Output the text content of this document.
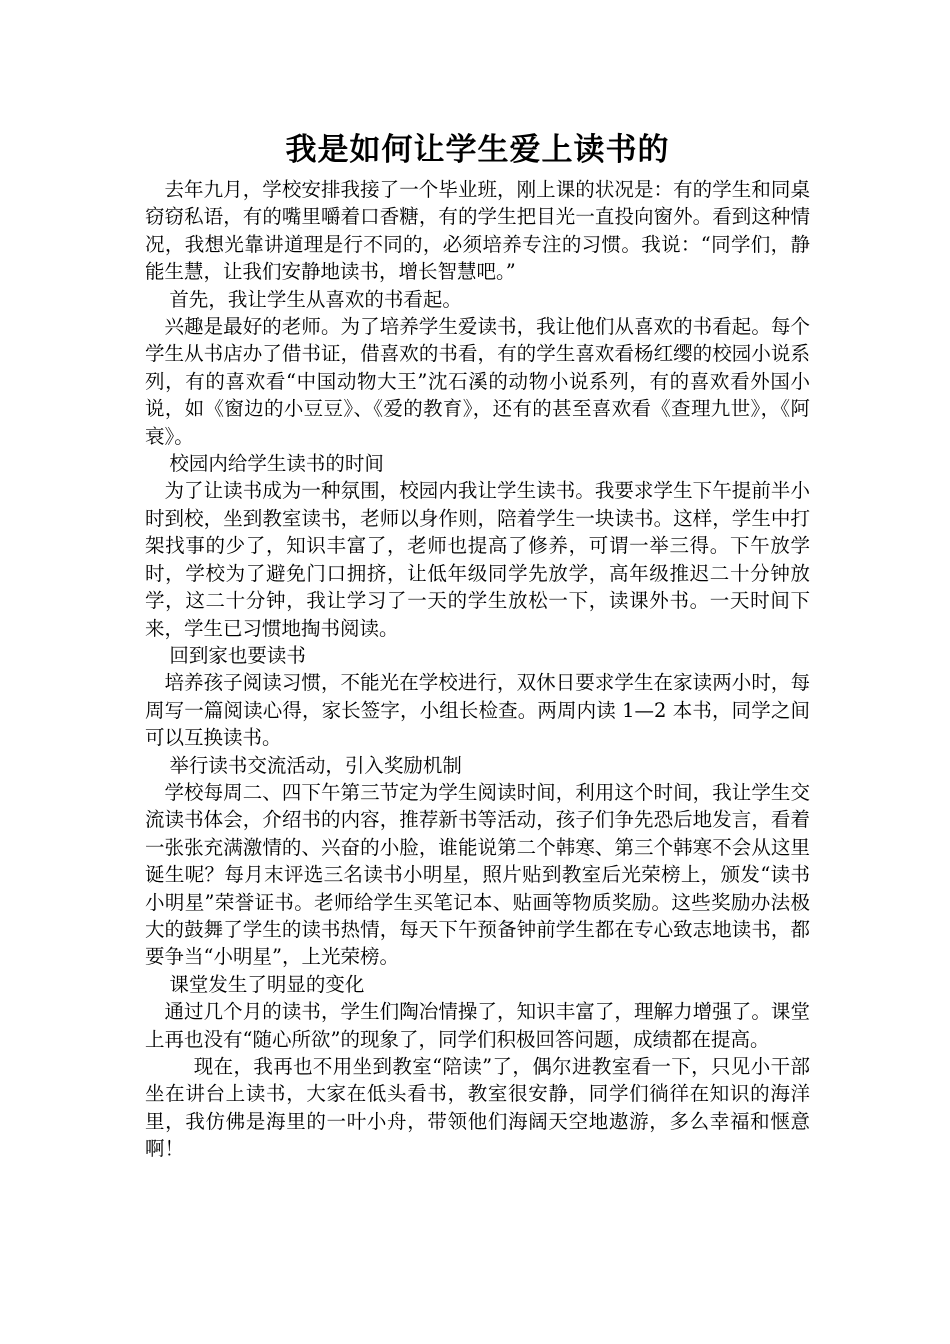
我是如何让学生爱上读书的

去年九月，学校安排我接了一个毕业班，刚上课的状况是：有的学生和同桌窃窃私语，有的嘴里嚼着口香糖，有的学生把目光一直投向窗外。看到这种情况，我想光靠讲道理是行不同的，必须培养专注的习惯。我说：“同学们，静能生慧，让我们安静地读书，增长智慧吧。”

首先，我让学生从喜欢的书看起。

兴趣是最好的老师。为了培养学生爱读书，我让他们从喜欢的书看起。每个学生从书店办了借书证，借喜欢的书看，有的学生喜欢看杨红缨的校园小说系列，有的喜欢看“中国动物大王”沈石溪的动物小说系列，有的喜欢看外国小说，如《窗边的小豆豆》、《爱的教育》，还有的甚至喜欢看《查理九世》，《阿衰》。

校园内给学生读书的时间

为了让读书成为一种氛围，校园内我让学生读书。我要求学生下午提前半小时到校，坐到教室读书，老师以身作则，陪着学生一块读书。这样，学生中打架找事的少了，知识丰富了，老师也提高了修养，可谓一举三得。下午放学时，学校为了避免门口拥挤，让低年级同学先放学，高年级推迟二十分钟放学，这二十分钟，我让学习了一天的学生放松一下，读课外书。一天时间下来，学生已习惯地掏书阅读。

回到家也要读书

培养孩子阅读习惯，不能光在学校进行，双休日要求学生在家读两小时，每周写一篇阅读心得，家长签字，小组长检查。两周内读 1—2 本书，同学之间可以互换读书。

举行读书交流活动，引入奖励机制

学校每周二、四下午第三节定为学生阅读时间，利用这个时间，我让学生交流读书体会，介绍书的内容，推荐新书等活动，孩子们争先恐后地发言，看着一张张充满激情的、兴奋的小脸，谁能说第二个韩寒、第三个韩寒不会从这里诞生呢？每月末评选三名读书小明星，照片贴到教室后光荣榜上，颁发“读书小明星”荣誉证书。老师给学生买笔记本、贴画等物质奖励。这些奖励办法极大的鼓舞了学生的读书热情，每天下午预备钟前学生都在专心致志地读书，都要争当“小明星”，上光荣榜。

课堂发生了明显的变化

通过几个月的读书，学生们陶冶情操了，知识丰富了，理解力增强了。课堂上再也没有“随心所欲”的现象了，同学们积极回答问题，成绩都在提高。

现在，我再也不用坐到教室“陪读”了，偶尔进教室看一下，只见小干部坐在讲台上读书，大家在低头看书，教室很安静，同学们徜徉在知识的海洋里，我仿佛是海里的一叶小舟，带领他们海阔天空地遨游，多么幸福和惬意啊！
